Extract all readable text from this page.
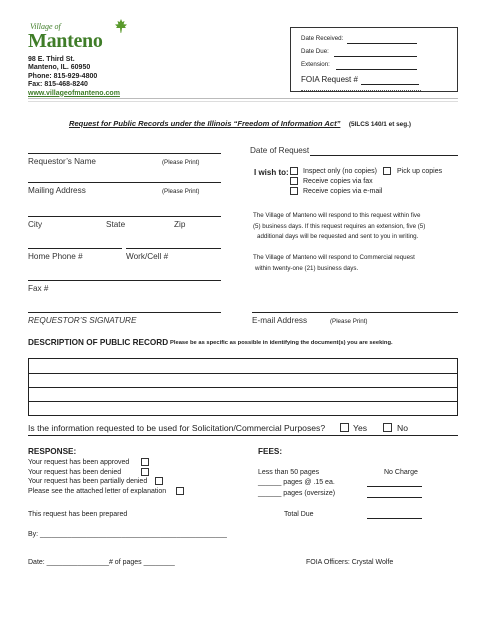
Village of
Manteno
98 E. Third St.
Manteno, IL. 60950
Phone: 815-929-4800
Fax: 815-468-8240
www.villageofmanteno.com
Date Received:
Date Due:
Extension:
FOIA Request #
Request for Public Records under the Illinois “Freedom of Information Act” (5ILCS 140/1 et seg.)
Requestor’s Name	(Please Print)
Mailing Address	(Please Print)
City	State	Zip
Home Phone #	Work/Cell #
Fax #
REQUESTOR’S SIGNATURE
Date of Request
I wish to: Inspect only (no copies)	Pick up copies
Receive copies via fax
Receive copies via e-mail
The Village of Manteno will respond to this request within five
(5) business days. If this request requires an extension, five (5)
additional days will be requested and sent to you in writing.
The Village of Manteno will respond to Commercial request
within twenty-one (21) business days.
E-mail Address	(Please Print)
DESCRIPTION OF PUBLIC RECORD Please be as specific as possible in identifying the document(s) you are seeking.
Is the information requested to be used for Solicitation/Commercial Purposes?	Yes	No
RESPONSE:
Your request has been approved
Your request has been denied
Your request has been partially denied
Please see the attached letter of explanation
This request has been prepared
By: ________________________________________________
Date: ________________# of pages ________
FEES:
Less than 50 pages	No Charge
______ pages @ .15 ea.
______ pages (oversize)
Total Due
FOIA Officers: Crystal Wolfe
